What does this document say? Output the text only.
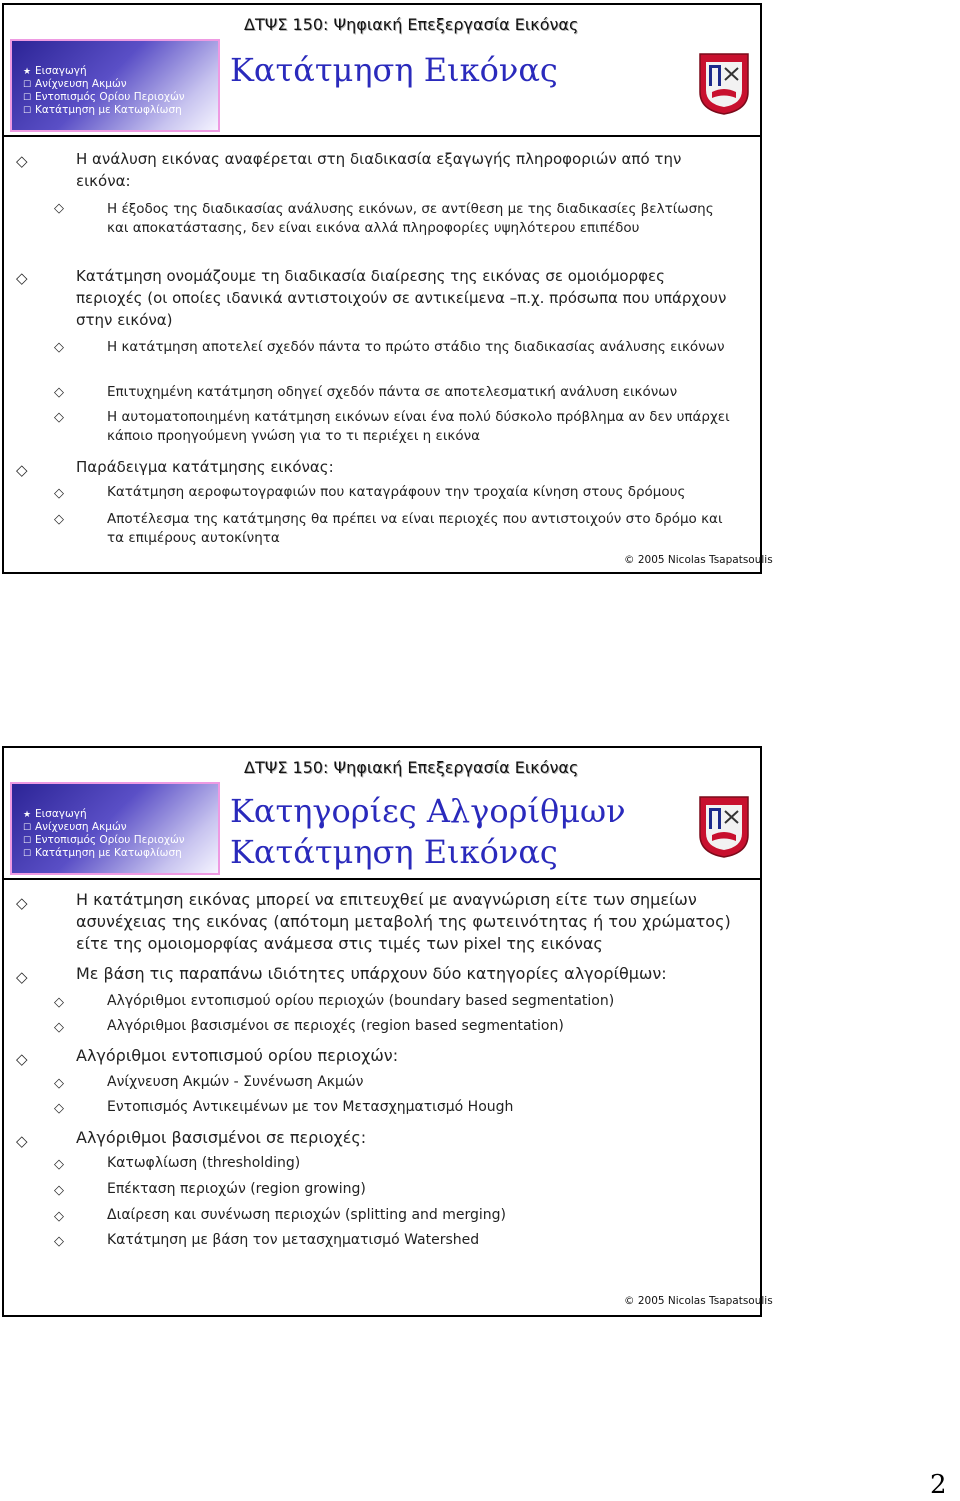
ΔΤΨΣ 150: Ψηφιακή Επεξεργασία Εικόνας
★ Εισαγωγή
☐ Ανίχνευση Ακμών
☐ Εντοπισμός Ορίου Περιοχών
☐ Κατάτμηση με Κατωφλίωση
Κατάτμηση Εικόνας
◇	Η ανάλυση εικόνας αναφέρεται στη διαδικασία εξαγωγής πληροφοριών από την εικόνα:
◇	Η έξοδος της διαδικασίας ανάλυσης εικόνων, σε αντίθεση με της διαδικασίες βελτίωσης και αποκατάστασης, δεν είναι εικόνα αλλά πληροφορίες υψηλότερου επιπέδου
◇	Κατάτμηση ονομάζουμε τη διαδικασία διαίρεσης της εικόνας σε ομοιόμορφες περιοχές (οι οποίες ιδανικά αντιστοιχούν σε αντικείμενα –π.χ. πρόσωπα που υπάρχουν στην εικόνα)
◇	Η κατάτμηση αποτελεί σχεδόν πάντα το πρώτο στάδιο της διαδικασίας ανάλυσης εικόνων
◇	Επιτυχημένη κατάτμηση οδηγεί σχεδόν πάντα σε αποτελεσματική ανάλυση εικόνων
◇	Η αυτοματοποιημένη κατάτμηση εικόνων είναι ένα πολύ δύσκολο πρόβλημα αν δεν υπάρχει κάποιο προηγούμενη γνώση για το τι περιέχει η εικόνα
◇	Παράδειγμα κατάτμησης εικόνας:
◇	Κατάτμηση αεροφωτογραφιών που καταγράφουν την τροχαία κίνηση στους δρόμους
◇	Αποτέλεσμα της κατάτμησης θα πρέπει να είναι περιοχές που αντιστοιχούν στο δρόμο και τα επιμέρους αυτοκίνητα
© 2005 Nicolas Tsapatsoulis
ΔΤΨΣ 150: Ψηφιακή Επεξεργασία Εικόνας
★ Εισαγωγή
☐ Ανίχνευση Ακμών
☐ Εντοπισμός Ορίου Περιοχών
☐ Κατάτμηση με Κατωφλίωση
Κατηγορίες Αλγορίθμων
Κατάτμηση Εικόνας
◇	Η κατάτμηση εικόνας μπορεί να επιτευχθεί με αναγνώριση είτε των σημείων ασυνέχειας της εικόνας (απότομη μεταβολή της φωτεινότητας ή του χρώματος) είτε της ομοιομορφίας ανάμεσα στις τιμές των pixel της εικόνας
◇	Με βάση τις παραπάνω ιδιότητες υπάρχουν δύο κατηγορίες αλγορίθμων:
◇	Αλγόριθμοι εντοπισμού ορίου περιοχών (boundary based segmentation)
◇	Αλγόριθμοι βασισμένοι σε περιοχές (region based segmentation)
◇	Αλγόριθμοι εντοπισμού ορίου περιοχών:
◇	Ανίχνευση Ακμών - Συνένωση Ακμών
◇	Εντοπισμός Αντικειμένων με τον Μετασχηματισμό Hough
◇	Αλγόριθμοι βασισμένοι σε περιοχές:
◇	Κατωφλίωση (thresholding)
◇	Επέκταση περιοχών (region growing)
◇	Διαίρεση και συνένωση περιοχών (splitting and merging)
◇	Κατάτμηση με βάση τον μετασχηματισμό Watershed
© 2005 Nicolas Tsapatsoulis
2
